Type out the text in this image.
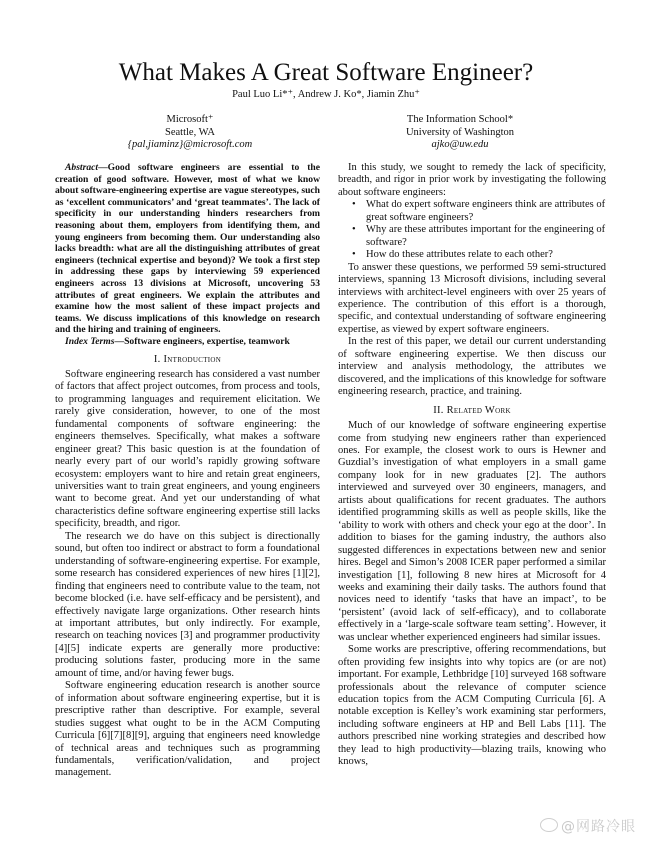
What Makes A Great Software Engineer?
Paul Luo Li*⁺, Andrew J. Ko*, Jiamin Zhu⁺
Microsoft⁺
Seattle, WA
{pal,jiaminz}@microsoft.com
The Information School*
University of Washington
ajko@uw.edu

Abstract—Good software engineers are essential to the creation of good software. However, most of what we know about software-engineering expertise are vague stereotypes, such as ‘excellent communicators’ and ‘great teammates’. The lack of specificity in our understanding hinders researchers from reasoning about them, employers from identifying them, and young engineers from becoming them. Our understanding also lacks breadth: what are all the distinguishing attributes of great engineers (technical expertise and beyond)? We took a first step in addressing these gaps by interviewing 59 experienced engineers across 13 divisions at Microsoft, uncovering 53 attributes of great engineers. We explain the attributes and examine how the most salient of these impact projects and teams. We discuss implications of this knowledge on research and the hiring and training of engineers.

Index Terms—Software engineers, expertise, teamwork

I. Introduction

Software engineering research has considered a vast number of factors that affect project outcomes, from process and tools, to programming languages and requirement elicitation. We rarely give consideration, however, to one of the most fundamental components of software engineering: the engineers themselves. Specifically, what makes a software engineer great? This basic question is at the foundation of nearly every part of our world’s rapidly growing software ecosystem: employers want to hire and retain great engineers, universities want to train great engineers, and young engineers want to become great. And yet our understanding of what characteristics define software engineering expertise still lacks specificity, breadth, and rigor.

The research we do have on this subject is directionally sound, but often too indirect or abstract to form a foundational understanding of software-engineering expertise. For example, some research has considered experiences of new hires [1][2], finding that engineers need to contribute value to the team, not become blocked (i.e. have self-efficacy and be persistent), and effectively navigate large organizations. Other research hints at important attributes, but only indirectly. For example, research on teaching novices [3] and programmer productivity [4][5] indicate experts are generally more productive: producing solutions faster, producing more in the same amount of time, and/or having fewer bugs.

Software engineering education research is another source of information about software engineering expertise, but it is prescriptive rather than descriptive. For example, several studies suggest what ought to be in the ACM Computing Curricula [6][7][8][9], arguing that engineers need knowledge of technical areas and techniques such as programming fundamentals, verification/validation, and project management.

In this study, we sought to remedy the lack of specificity, breadth, and rigor in prior work by investigating the following about software engineers:

• What do expert software engineers think are attributes of great software engineers?
• Why are these attributes important for the engineering of software?
• How do these attributes relate to each other?

To answer these questions, we performed 59 semi-structured interviews, spanning 13 Microsoft divisions, including several interviews with architect-level engineers with over 25 years of experience. The contribution of this effort is a thorough, specific, and contextual understanding of software engineering expertise, as viewed by expert software engineers.

In the rest of this paper, we detail our current understanding of software engineering expertise. We then discuss our interview and analysis methodology, the attributes we discovered, and the implications of this knowledge for software engineering research, practice, and training.

II. Related Work

Much of our knowledge of software engineering expertise come from studying new engineers rather than experienced ones. For example, the closest work to ours is Hewner and Guzdial’s investigation of what employers in a small game company look for in new graduates [2]. The authors interviewed and surveyed over 30 engineers, managers, and artists about qualifications for recent graduates. The authors identified programming skills as well as people skills, like the ‘ability to work with others and check your ego at the door’. In addition to biases for the gaming industry, the authors also suggested differences in expectations between new and senior hires. Begel and Simon’s 2008 ICER paper performed a similar investigation [1], following 8 new hires at Microsoft for 4 weeks and examining their daily tasks. The authors found that novices need to identify ‘tasks that have an impact’, to be ‘persistent’ (avoid lack of self-efficacy), and to collaborate effectively in a ‘large-scale software team setting’. However, it was unclear whether experienced engineers had similar issues.

Some works are prescriptive, offering recommendations, but often providing few insights into why topics are (or are not) important. For example, Lethbridge [10] surveyed 168 software professionals about the relevance of computer science education topics from the ACM Computing Curricula [6]. A notable exception is Kelley’s work examining star performers, including software engineers at HP and Bell Labs [11]. The authors prescribed nine working strategies and described how they lead to high productivity—blazing trails, knowing who knows,

@网路冷眼
